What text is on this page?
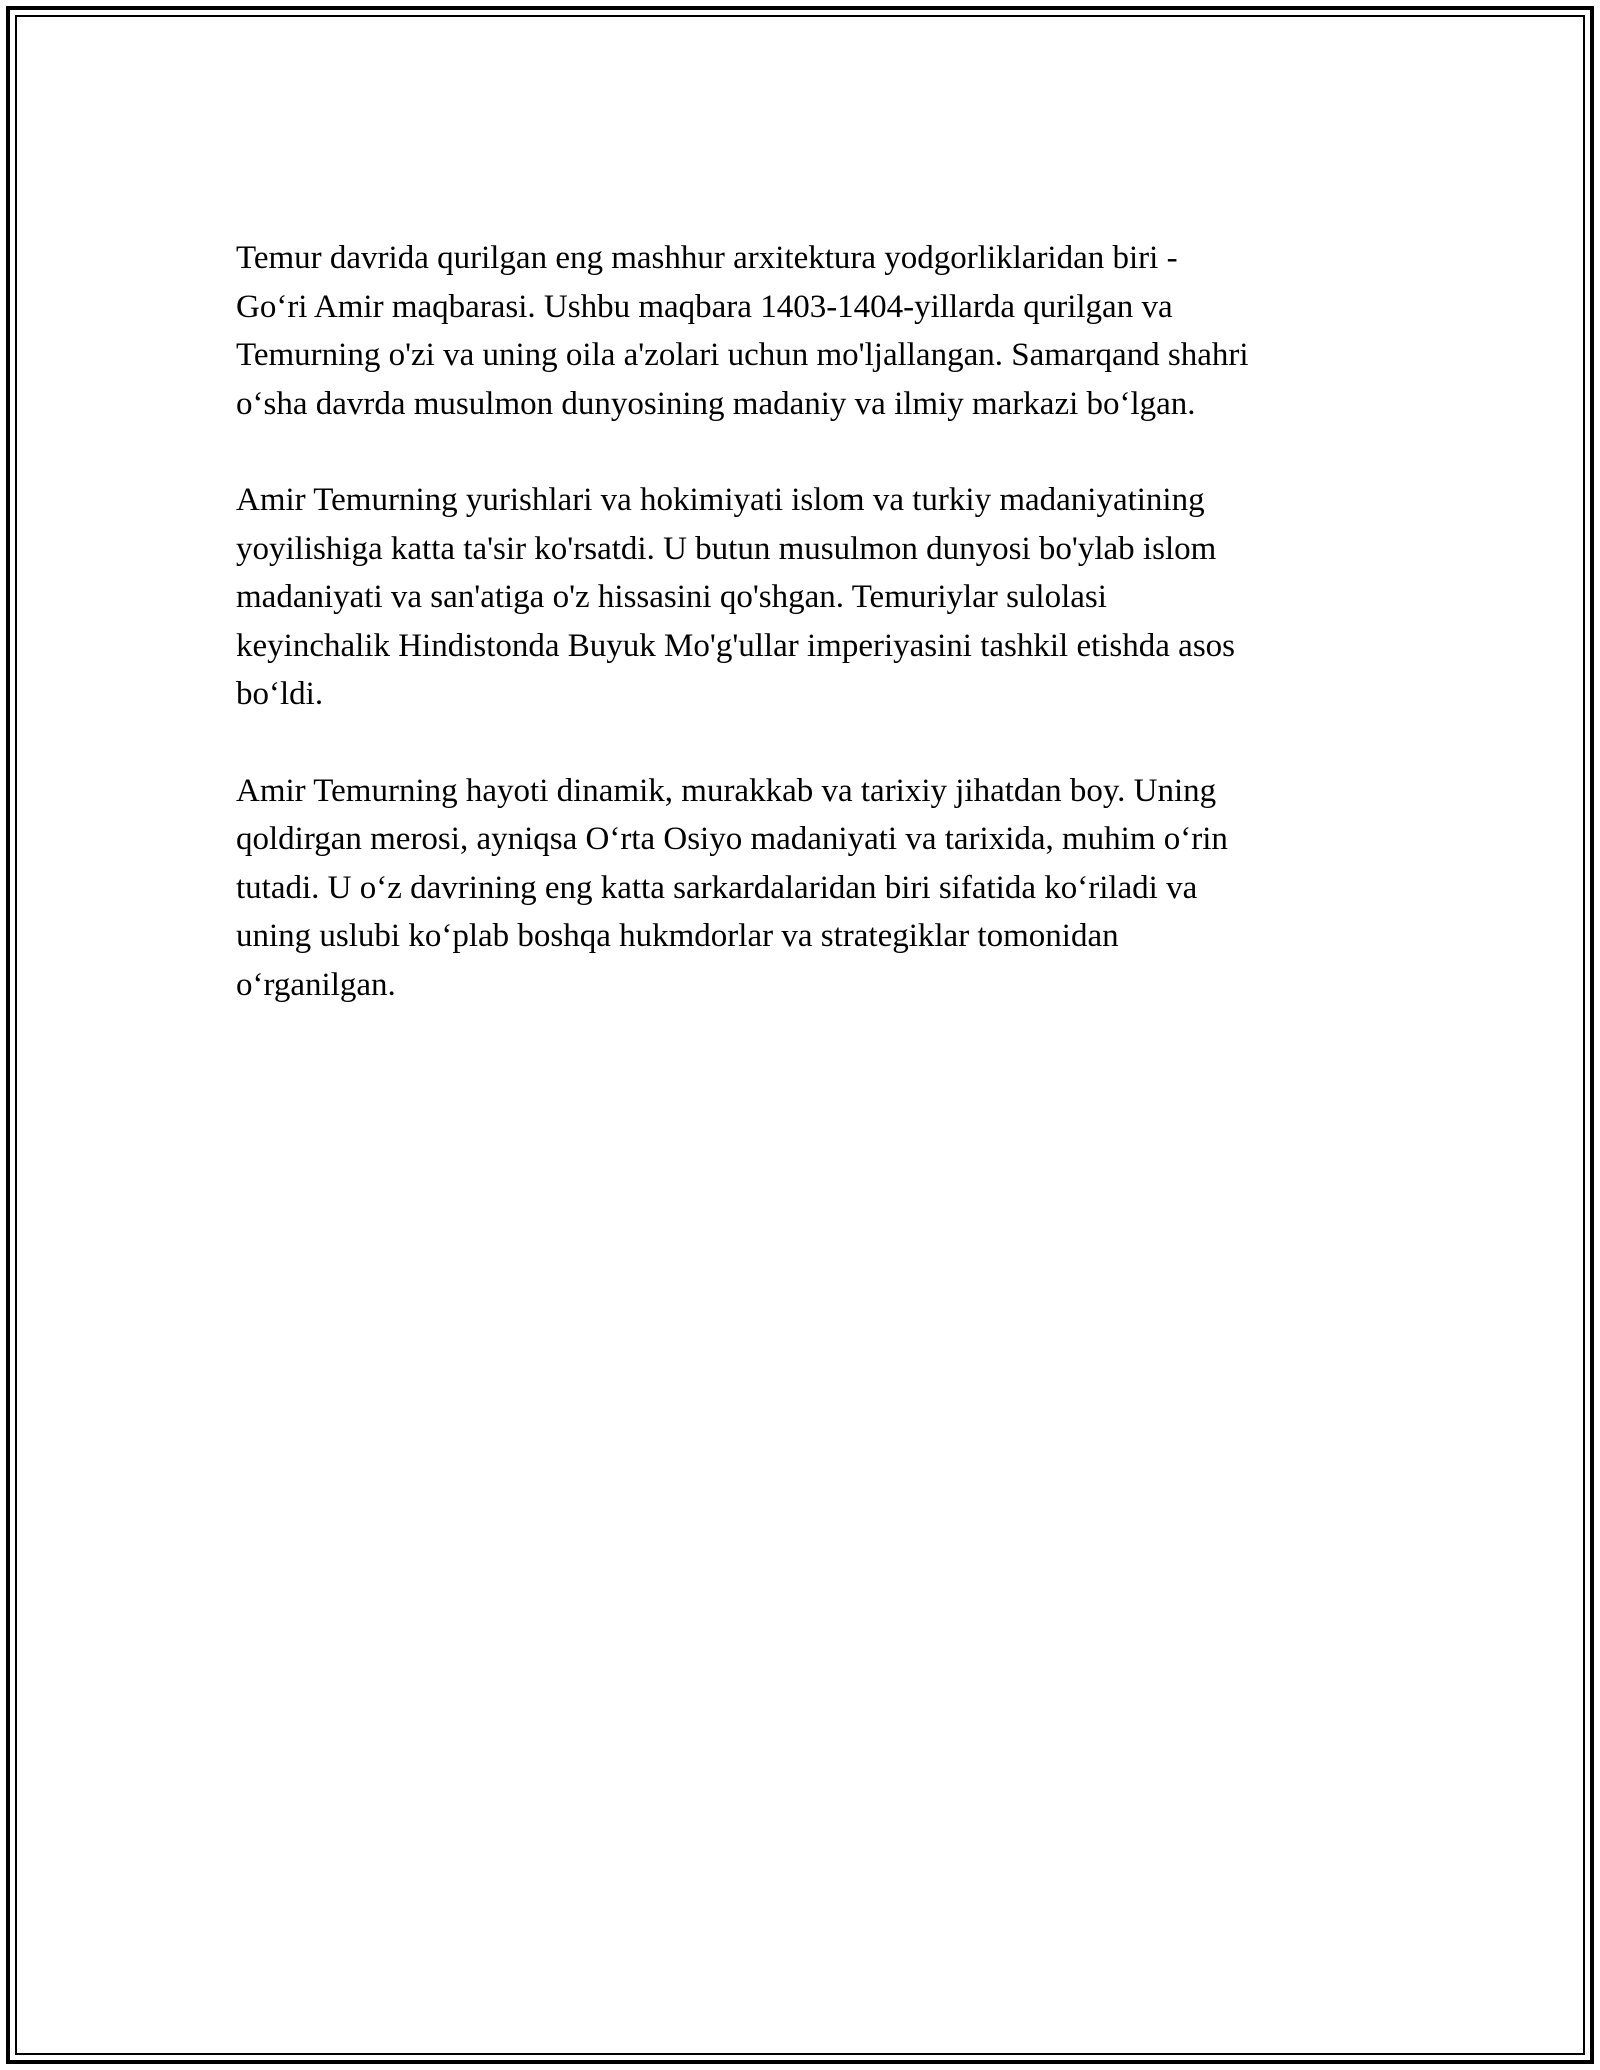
Temur davrida qurilgan eng mashhur arxitektura yodgorliklaridan biri -
Go‘ri Amir maqbarasi. Ushbu maqbara 1403-1404-yillarda qurilgan va
Temurning o'zi va uning oila a'zolari uchun mo'ljallangan. Samarqand shahri
o‘sha davrda musulmon dunyosining madaniy va ilmiy markazi bo‘lgan.

Amir Temurning yurishlari va hokimiyati islom va turkiy madaniyatining
yoyilishiga katta ta'sir ko'rsatdi. U butun musulmon dunyosi bo'ylab islom
madaniyati va san'atiga o'z hissasini qo'shgan. Temuriylar sulolasi
keyinchalik Hindistonda Buyuk Mo'g'ullar imperiyasini tashkil etishda asos
bo‘ldi.

Amir Temurning hayoti dinamik, murakkab va tarixiy jihatdan boy. Uning
qoldirgan merosi, ayniqsa O‘rta Osiyo madaniyati va tarixida, muhim o‘rin
tutadi. U o‘z davrining eng katta sarkardalaridan biri sifatida ko‘riladi va
uning uslubi ko‘plab boshqa hukmdorlar va strategiklar tomonidan
o‘rganilgan.
